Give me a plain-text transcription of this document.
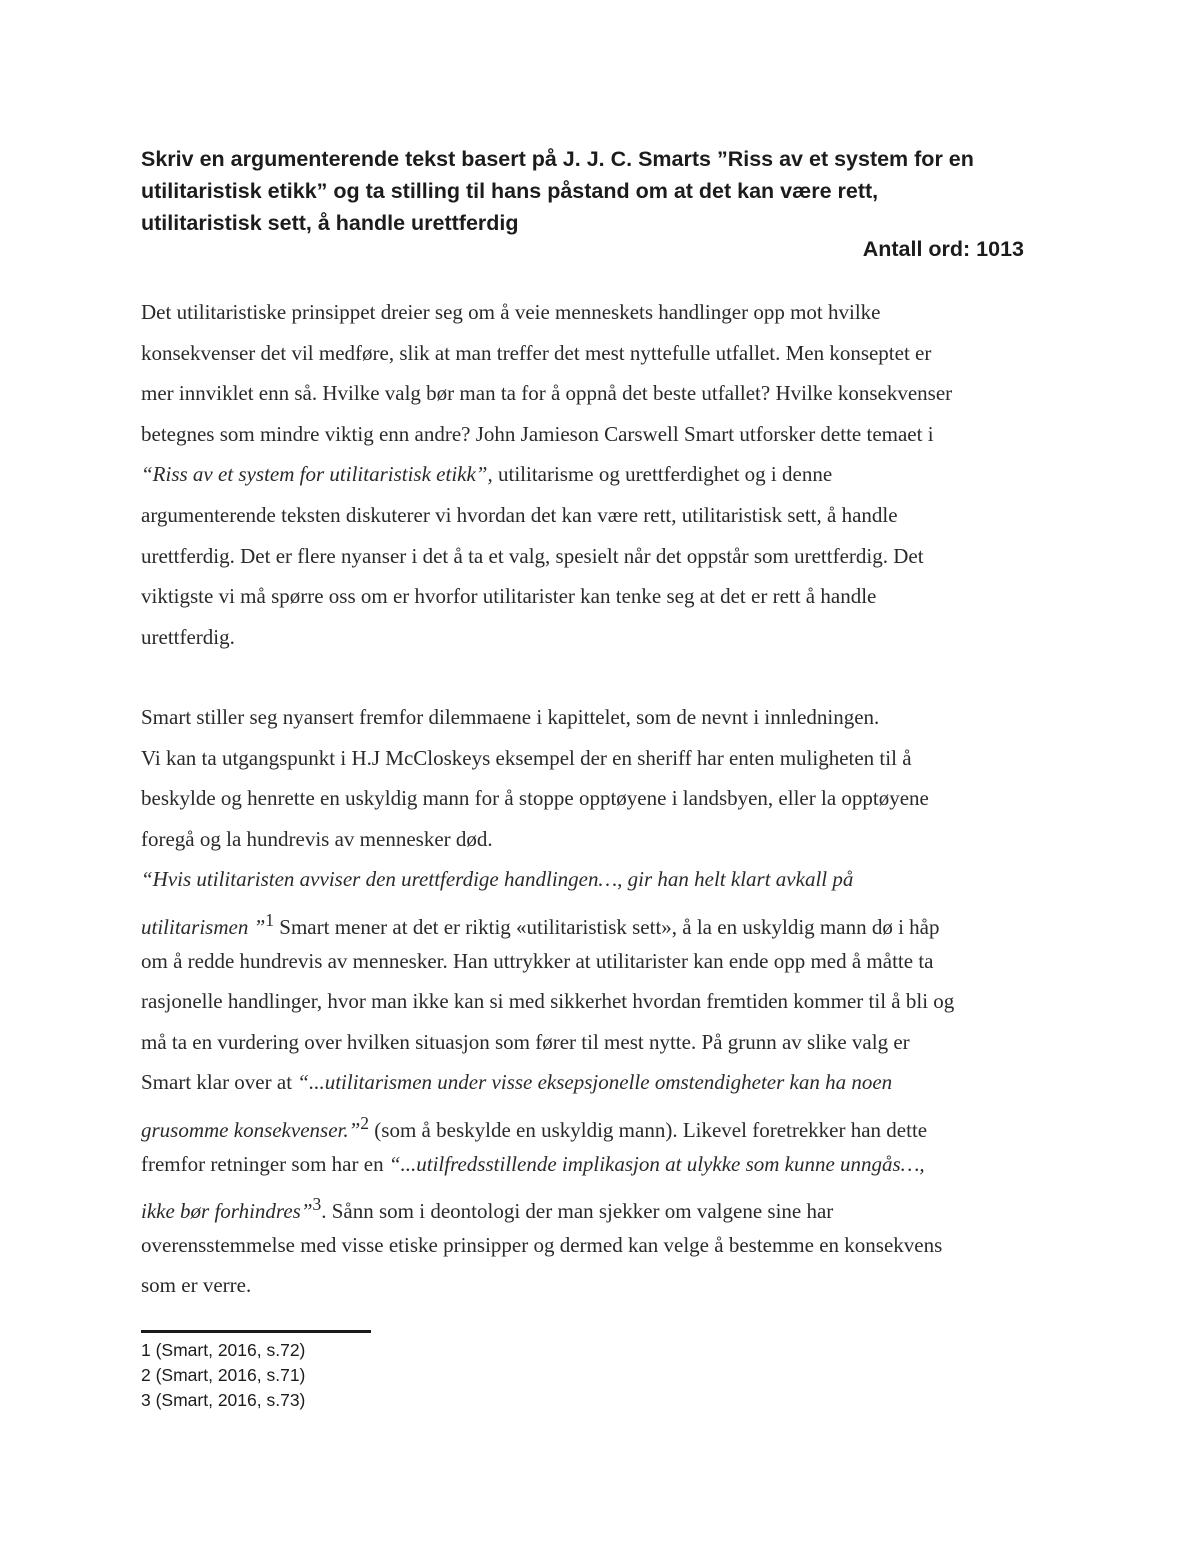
Skriv en argumenterende tekst basert på J. J. C. Smarts ”Riss av et system for en
utilitaristisk etikk” og ta stilling til hans påstand om at det kan være rett,
utilitaristisk sett, å handle urettferdig
Antall ord: 1013
Det utilitaristiske prinsippet dreier seg om å veie menneskets handlinger opp mot hvilke
konsekvenser det vil medføre, slik at man treffer det mest nyttefulle utfallet. Men konseptet er
mer innviklet enn så. Hvilke valg bør man ta for å oppnå det beste utfallet? Hvilke konsekvenser
betegnes som mindre viktig enn andre? John Jamieson Carswell Smart utforsker dette temaet i
“Riss av et system for utilitaristisk etikk”, utilitarisme og urettferdighet og i denne
argumenterende teksten diskuterer vi hvordan det kan være rett, utilitaristisk sett, å handle
urettferdig. Det er flere nyanser i det å ta et valg, spesielt når det oppstår som urettferdig. Det
viktigste vi må spørre oss om er hvorfor utilitarister kan tenke seg at det er rett å handle
urettferdig.
Smart stiller seg nyansert fremfor dilemmaene i kapittelet, som de nevnt i innledningen.
Vi kan ta utgangspunkt i H.J McCloskeys eksempel der en sheriff har enten muligheten til å
beskylde og henrette en uskyldig mann for å stoppe opptøyene i landsbyen, eller la opptøyene
foregå og la hundrevis av mennesker død.
“Hvis utilitaristen avviser den urettferdige handlingen…, gir han helt klart avkall på
utilitarismen ”$^1$ Smart mener at det er riktig «utilitaristisk sett», å la en uskyldig mann dø i håp
om å redde hundrevis av mennesker. Han uttrykker at utilitarister kan ende opp med å måtte ta
rasjonelle handlinger, hvor man ikke kan si med sikkerhet hvordan fremtiden kommer til å bli og
må ta en vurdering over hvilken situasjon som fører til mest nytte. På grunn av slike valg er
Smart klar over at “...utilitarismen under visse eksepsjonelle omstendigheter kan ha noen
grusomme konsekvenser.”$^2$ (som å beskylde en uskyldig mann). Likevel foretrekker han dette
fremfor retninger som har en “...utilfredsstillende implikasjon at ulykke som kunne unngås…,
ikke bør forhindres”$^3$. Sånn som i deontologi der man sjekker om valgene sine har
overensstemmelse med visse etiske prinsipper og dermed kan velge å bestemme en konsekvens
som er verre.
1 (Smart, 2016, s.72)
2 (Smart, 2016, s.71)
3 (Smart, 2016, s.73)
